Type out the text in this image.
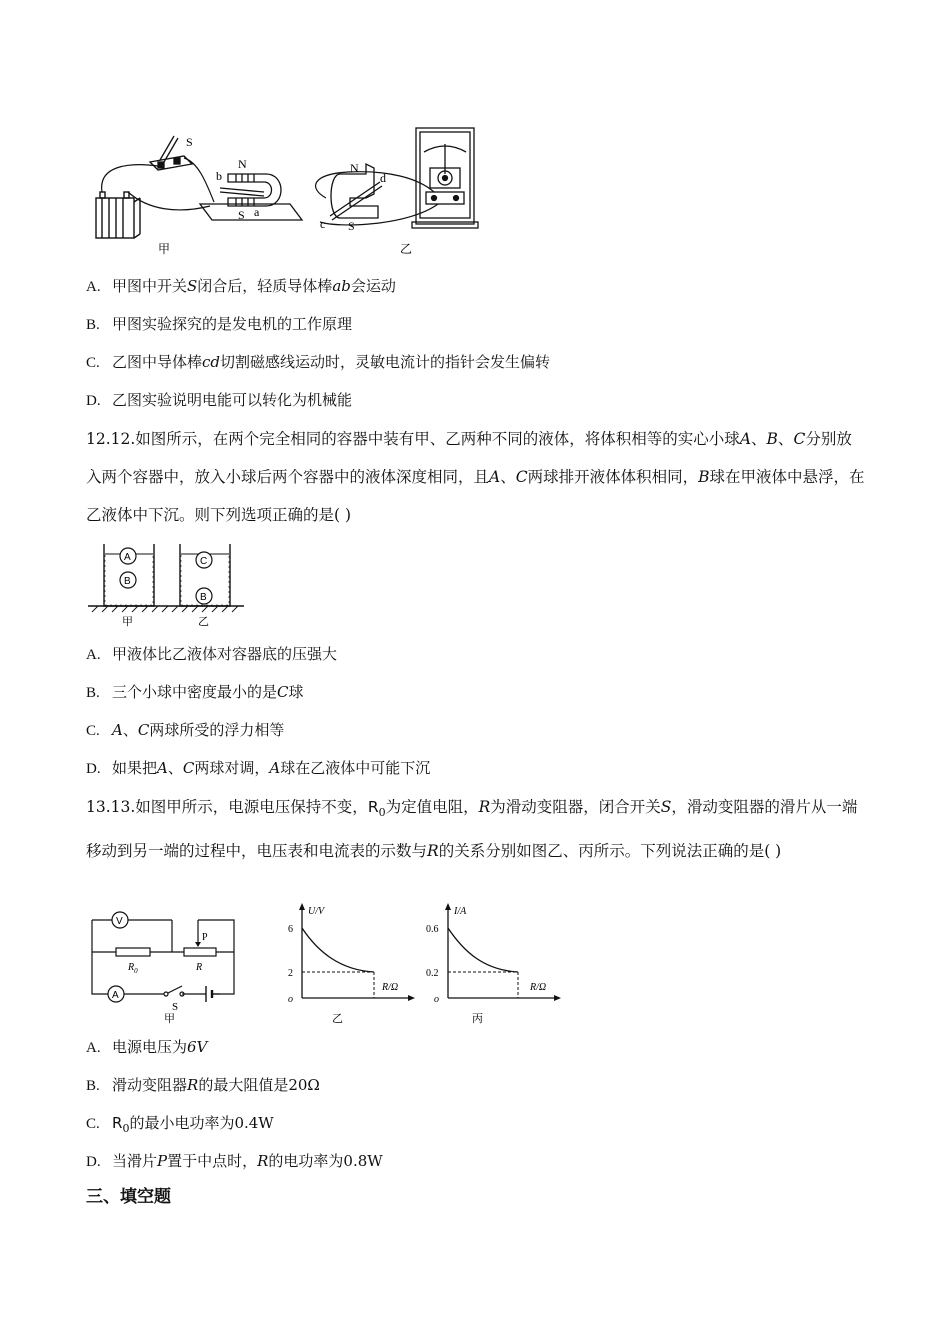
S
N
S a
b
甲
N
d
c S
乙
A. 甲图中开关S闭合后，轻质导体棒ab会运动
B. 甲图实验探究的是发电机的工作原理
C. 乙图中导体棒cd切割磁感线运动时，灵敏电流计的指针会发生偏转
D. 乙图实验说明电能可以转化为机械能
12.12.如图所示，在两个完全相同的容器中装有甲、乙两种不同的液体，将体积相等的实心小球A、B、C分别放入两个容器中，放入小球后两个容器中的液体深度相同，且A、C两球排开液体体积相同，B球在甲液体中悬浮，在乙液体中下沉。则下列选项正确的是( )
A
B
C
B
甲	乙
A. 甲液体比乙液体对容器底的压强大
B. 三个小球中密度最小的是C球
C. A、C两球所受的浮力相等
D. 如果把A、C两球对调，A球在乙液体中可能下沉
13.13.如图甲所示，电源电压保持不变，$R_0$为定值电阻，R为滑动变阻器，闭合开关S，滑动变阻器的滑片从一端移动到另一端的过程中，电压表和电流表的示数与R的关系分别如图乙、丙所示。下列说法正确的是( )
V
P
$R_0$	R
A
S
甲
U/V
R/Ω
o
6
2
乙
I/A
R/Ω
o
0.6
0.2
丙
A. 电源电压为6V
B. 滑动变阻器R的最大阻值是20Ω
C. $R_0$的最小电功率为0.4W
D. 当滑片P置于中点时，R的电功率为0.8W
三、填空题
